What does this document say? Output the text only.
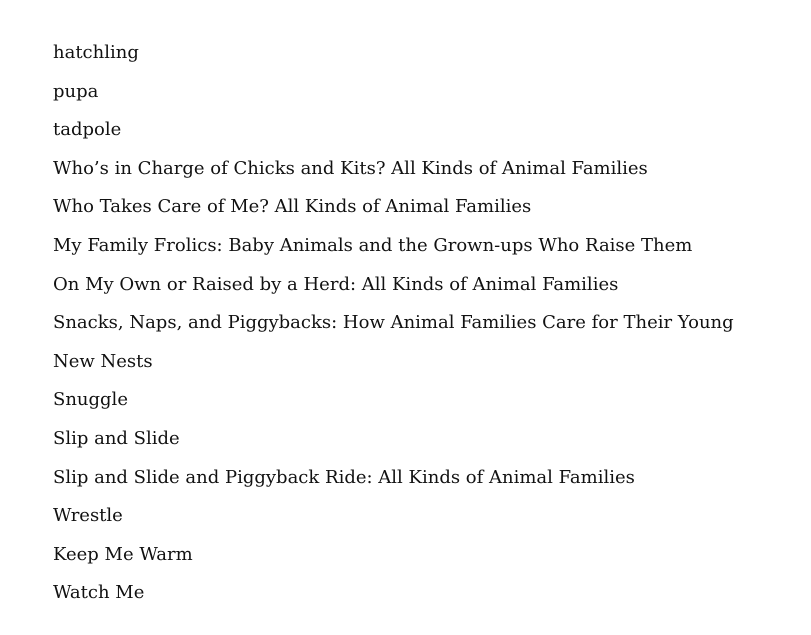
hatchling
pupa
tadpole
Who’s in Charge of Chicks and Kits? All Kinds of Animal Families
Who Takes Care of Me? All Kinds of Animal Families
My Family Frolics: Baby Animals and the Grown-ups Who Raise Them
On My Own or Raised by a Herd: All Kinds of Animal Families
Snacks, Naps, and Piggybacks: How Animal Families Care for Their Young
New Nests
Snuggle
Slip and Slide
Slip and Slide and Piggyback Ride: All Kinds of Animal Families
Wrestle
Keep Me Warm
Watch Me
